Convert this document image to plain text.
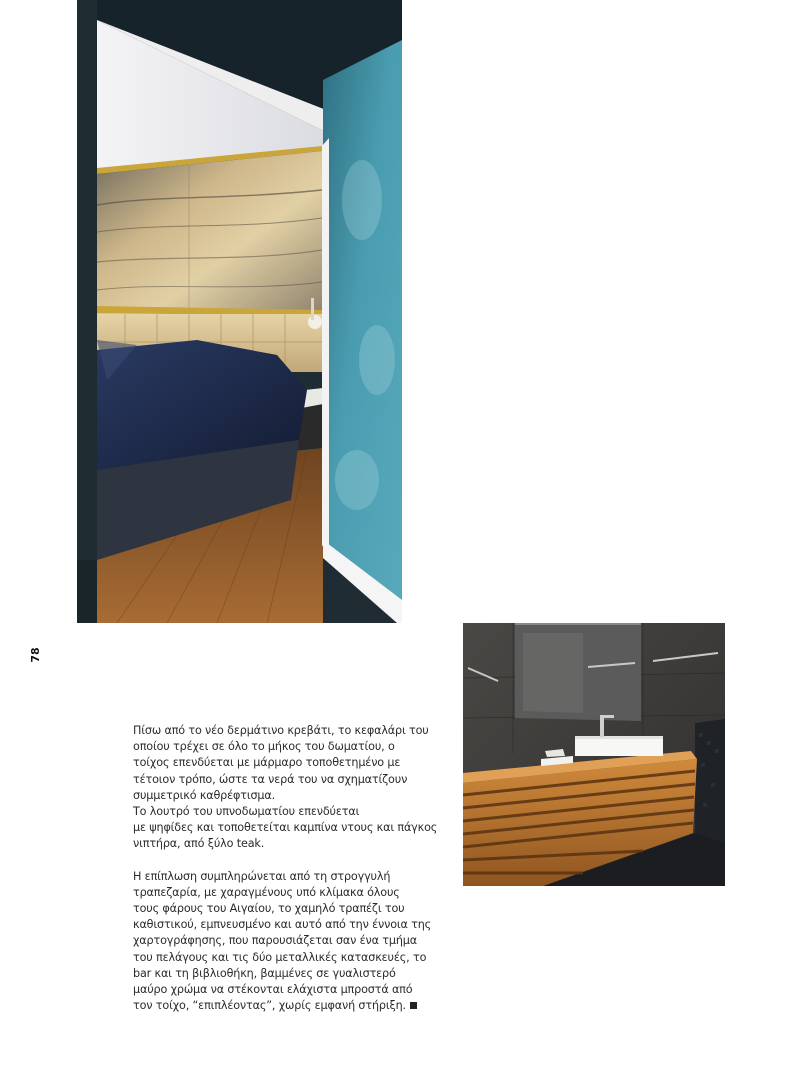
78

Πίσω από το νέο δερμάτινο κρεβάτι, το κεφαλάρι του
οποίου τρέχει σε όλο το μήκος του δωματίου, ο
τοίχος επενδύεται με μάρμαρο τοποθετημένο με
τέτοιον τρόπο, ώστε τα νερά του να σχηματίζουν
συμμετρικό καθρέφτισμα.
Το λουτρό του υπνοδωματίου επενδύεται
με ψηφίδες και τοποθετείται καμπίνα ντους και πάγκος
νιπτήρα, από ξύλο teak.

Η επίπλωση συμπληρώνεται από τη στρογγυλή
τραπεζαρία, με χαραγμένους υπό κλίμακα όλους
τους φάρους του Αιγαίου, το χαμηλό τραπέζι του
καθιστικού, εμπνευσμένο και αυτό από την έννοια της
χαρτογράφησης, που παρουσιάζεται σαν ένα τμήμα
του πελάγους και τις δύο μεταλλικές κατασκευές, το
bar και τη βιβλιοθήκη, βαμμένες σε γυαλιστερό
μαύρο χρώμα να στέκονται ελάχιστα μπροστά από
τον τοίχο, “επιπλέοντας”, χωρίς εμφανή στήριξη.
